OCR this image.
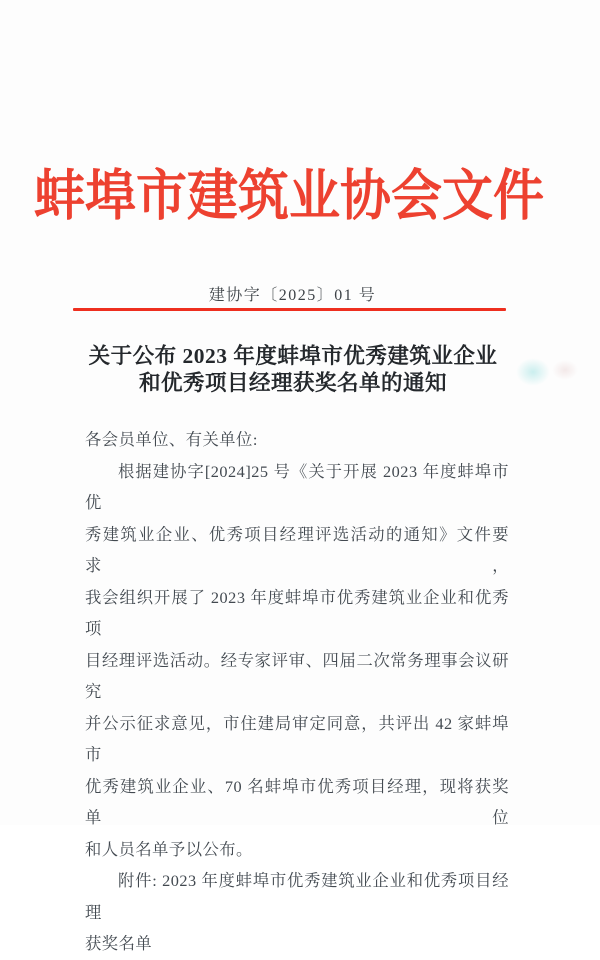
蚌埠市建筑业协会文件
建协字〔2025〕01 号
关于公布 2023 年度蚌埠市优秀建筑业企业
和优秀项目经理获奖名单的通知

各会员单位、有关单位:

根据建协字[2024]25 号《关于开展 2023 年度蚌埠市优

秀建筑业企业、优秀项目经理评选活动的通知》文件要求，

我会组织开展了 2023 年度蚌埠市优秀建筑业企业和优秀项

目经理评选活动。经专家评审、四届二次常务理事会议研究

并公示征求意见，市住建局审定同意，共评出 42 家蚌埠市

优秀建筑业企业、70 名蚌埠市优秀项目经理，现将获奖单位

和人员名单予以公布。

附件: 2023 年度蚌埠市优秀建筑业企业和优秀项目经理

获奖名单
